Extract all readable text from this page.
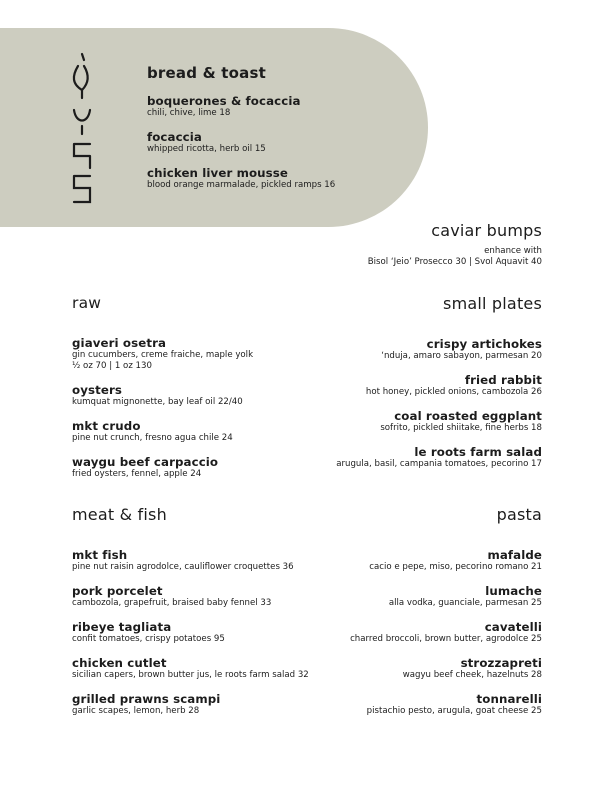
bread & toast

boquerones & focaccia

chili, chive, lime 18

focaccia

whipped ricotta, herb oil 15

chicken liver mousse

blood orange marmalade, pickled ramps 16

caviar bumps

enhance with

Bisol ‘Jeio’ Prosecco 30 | Svol Aquavit 40

raw

giaveri osetra

gin cucumbers, creme fraiche, maple yolk

½ oz 70 | 1 oz 130

oysters

kumquat mignonette, bay leaf oil 22/40

mkt crudo

pine nut crunch, fresno agua chile 24

waygu beef carpaccio

fried oysters, fennel, apple 24

small plates

crispy artichokes

‘nduja, amaro sabayon, parmesan 20

fried rabbit

hot honey, pickled onions, cambozola 26

coal roasted eggplant

sofrito, pickled shiitake, fine herbs 18

le roots farm salad

arugula, basil, campania tomatoes, pecorino 17

meat & fish

mkt fish

pine nut raisin agrodolce, cauliflower croquettes 36

pork porcelet

cambozola, grapefruit, braised baby fennel 33

ribeye tagliata

confit tomatoes, crispy potatoes 95

chicken cutlet

sicilian capers, brown butter jus, le roots farm salad 32

grilled prawns scampi

garlic scapes, lemon, herb 28

pasta

mafalde

cacio e pepe, miso, pecorino romano 21

lumache

alla vodka, guanciale, parmesan 25

cavatelli

charred broccoli, brown butter, agrodolce 25

strozzapreti

wagyu beef cheek, hazelnuts 28

tonnarelli

pistachio pesto, arugula, goat cheese 25
